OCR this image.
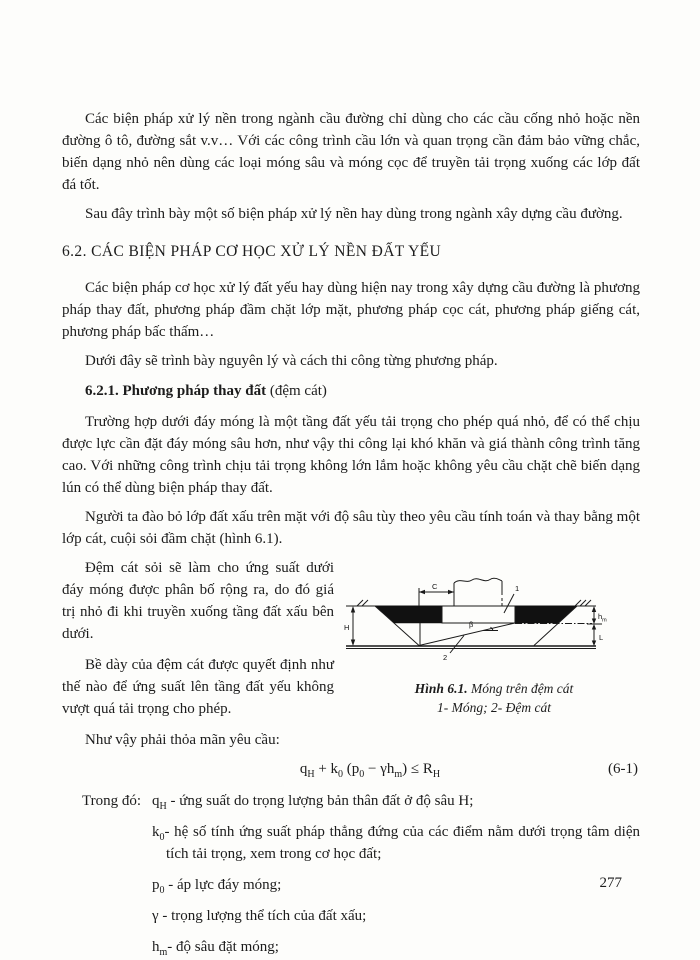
Các biện pháp xử lý nền trong ngành cầu đường chỉ dùng cho các cầu cống nhỏ hoặc nền đường ô tô, đường sắt v.v… Với các công trình cầu lớn và quan trọng cần đảm bảo vững chắc, biến dạng nhỏ nên dùng các loại móng sâu và móng cọc để truyền tải trọng xuống các lớp đất đá tốt.

Sau đây trình bày một số biện pháp xử lý nền hay dùng trong ngành xây dựng cầu đường.

6.2. CÁC BIỆN PHÁP CƠ HỌC XỬ LÝ NỀN ĐẤT YẾU

Các biện pháp cơ học xử lý đất yếu hay dùng hiện nay trong xây dựng cầu đường là phương pháp thay đất, phương pháp đầm chặt lớp mặt, phương pháp cọc cát, phương pháp giếng cát, phương pháp bấc thấm…

Dưới đây sẽ trình bày nguyên lý và cách thi công từng phương pháp.

6.2.1. Phương pháp thay đất (đệm cát)

Trường hợp dưới đáy móng là một tầng đất yếu tải trọng cho phép quá nhỏ, để có thể chịu được lực cần đặt đáy móng sâu hơn, như vậy thi công lại khó khăn và giá thành công trình tăng cao. Với những công trình chịu tải trọng không lớn lắm hoặc không yêu cầu chặt chẽ biến dạng lún có thể dùng biện pháp thay đất.

Người ta đào bỏ lớp đất xấu trên mặt với độ sâu tùy theo yêu cầu tính toán và thay bằng một lớp cát, cuội sỏi đầm chặt (hình 6.1).

Đệm cát sỏi sẽ làm cho ứng suất dưới đáy móng được phân bố rộng ra, do đó giá trị nhỏ đi khi truyền xuống tầng đất xấu bên dưới.

Bề dày của đệm cát được quyết định như thế nào để ứng suất lên tầng đất yếu không vượt quá tải trọng cho phép.

C	1
β
2
H
$h_m$
L
Hình 6.1. Móng trên đệm cát
1- Móng; 2- Đệm cát

Như vậy phải thỏa mãn yêu cầu:

$q_H + k_0$ $(p_0 - \gamma h_m) \le R_H$	(6-1)
Trong đó: $q_H$ - ứng suất do trọng lượng bản thân đất ở độ sâu H;
$k_0-$ hệ số tính ứng suất pháp thẳng đứng của các điểm nằm dưới trọng tâm diện tích tải trọng, xem trong cơ học đất;
$p_0$ - áp lực đáy móng;
γ - trọng lượng thể tích của đất xấu;
$h_m-$ độ sâu đặt móng;
277
